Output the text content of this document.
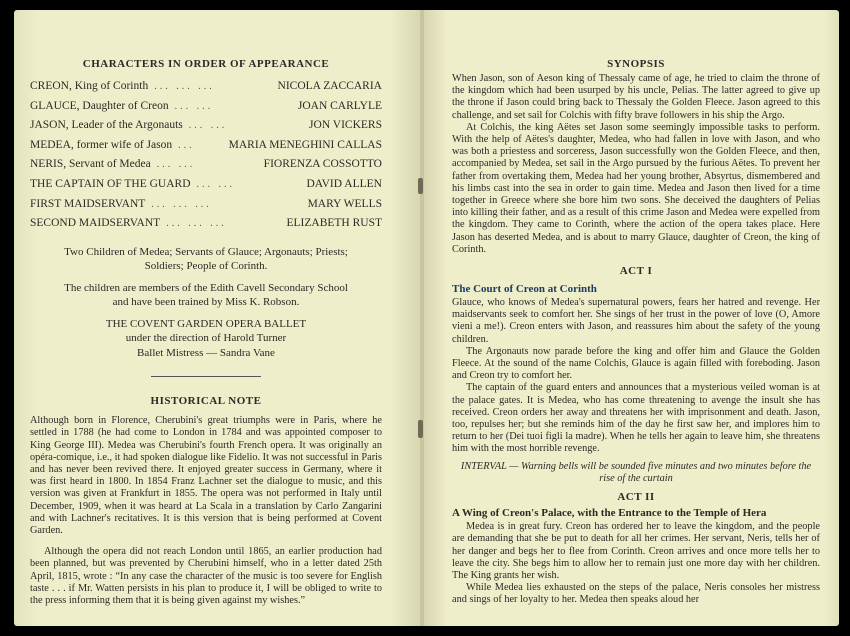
CHARACTERS IN ORDER OF APPEARANCE

CREON, King of Corinth ... ... ...	NICOLA ZACCARIA
GLAUCE, Daughter of Creon ... ...	JOAN CARLYLE
JASON, Leader of the Argonauts ... ...	JON VICKERS
MEDEA, former wife of Jason ...	MARIA MENEGHINI CALLAS
NERIS, Servant of Medea ... ...	FIORENZA COSSOTTO
THE CAPTAIN OF THE GUARD ... ...	DAVID ALLEN
FIRST MAIDSERVANT ... ... ...	MARY WELLS
SECOND MAIDSERVANT ... ... ...	ELIZABETH RUST

Two Children of Medea; Servants of Glauce; Argonauts; Priests; Soldiers; People of Corinth.

The children are members of the Edith Cavell Secondary School and have been trained by Miss K. Robson.

THE COVENT GARDEN OPERA BALLET

under the direction of Harold Turner

Ballet Mistress — Sandra Vane

HISTORICAL NOTE

Although born in Florence, Cherubini's great triumphs were in Paris, where he settled in 1788 (he had come to London in 1784 and was appointed composer to King George III). Medea was Cherubini's fourth French opera. It was originally an opéra-comique, i.e., it had spoken dialogue like Fidelio. It was not successful in Paris and has never been revived there. It enjoyed greater success in Germany, where it was first heard in 1800. In 1854 Franz Lachner set the dialogue to music, and this version was given at Frankfurt in 1855. The opera was not performed in Italy until December, 1909, when it was heard at La Scala in a translation by Carlo Zangarini and with Lachner's recitatives. It is this version that is being performed at Covent Garden.

Although the opera did not reach London until 1865, an earlier production had been planned, but was prevented by Cherubini himself, who in a letter dated 25th April, 1815, wrote : “In any case the character of the music is too severe for English taste . . . if Mr. Watten persists in his plan to produce it, I will be obliged to write to the press informing them that it is being given against my wishes.”

SYNOPSIS

When Jason, son of Aeson king of Thessaly came of age, he tried to claim the throne of the kingdom which had been usurped by his uncle, Pelias. The latter agreed to give up the throne if Jason could bring back to Thessaly the Golden Fleece. Jason agreed to this challenge, and set sail for Colchis with fifty brave followers in his ship the Argo.

At Colchis, the king Aëtes set Jason some seemingly impossible tasks to perform. With the help of Aëtes's daughter, Medea, who had fallen in love with Jason, and who was both a priestess and sorceress, Jason successfully won the Golden Fleece, and then, accompanied by Medea, set sail in the Argo pursued by the furious Aëtes. To prevent her father from overtaking them, Medea had her young brother, Absyrtus, dismembered and his limbs cast into the sea in order to gain time. Medea and Jason then lived for a time together in Greece where she bore him two sons. She deceived the daughters of Pelias into killing their father, and as a result of this crime Jason and Medea were expelled from the kingdom. They came to Corinth, where the action of the opera takes place. Here Jason has deserted Medea, and is about to marry Glauce, daughter of Creon, the king of Corinth.

ACT I

The Court of Creon at Corinth

Glauce, who knows of Medea's supernatural powers, fears her hatred and revenge. Her maidservants seek to comfort her. She sings of her trust in the power of love (O, Amore vieni a me!). Creon enters with Jason, and reassures him about the safety of the young children.

The Argonauts now parade before the king and offer him and Glauce the Golden Fleece. At the sound of the name Colchis, Glauce is again filled with foreboding. Jason and Creon try to comfort her.

The captain of the guard enters and announces that a mysterious veiled woman is at the palace gates. It is Medea, who has come threatening to avenge the insult she has received. Creon orders her away and threatens her with imprisonment and death. Jason, too, repulses her; but she reminds him of the day he first saw her, and implores him to return to her (Dei tuoi figli la madre). When he tells her again to leave him, she threatens him with the most horrible revenge.

INTERVAL — Warning bells will be sounded five minutes and two minutes before the rise of the curtain

ACT II

A Wing of Creon's Palace, with the Entrance to the Temple of Hera

Medea is in great fury. Creon has ordered her to leave the kingdom, and the people are demanding that she be put to death for all her crimes. Her servant, Neris, tells her of her danger and begs her to flee from Corinth. Creon arrives and once more tells her to leave the city. She begs him to allow her to remain just one more day with her children. The King grants her wish.

While Medea lies exhausted on the steps of the palace, Neris consoles her mistress and sings of her loyalty to her. Medea then speaks aloud her
